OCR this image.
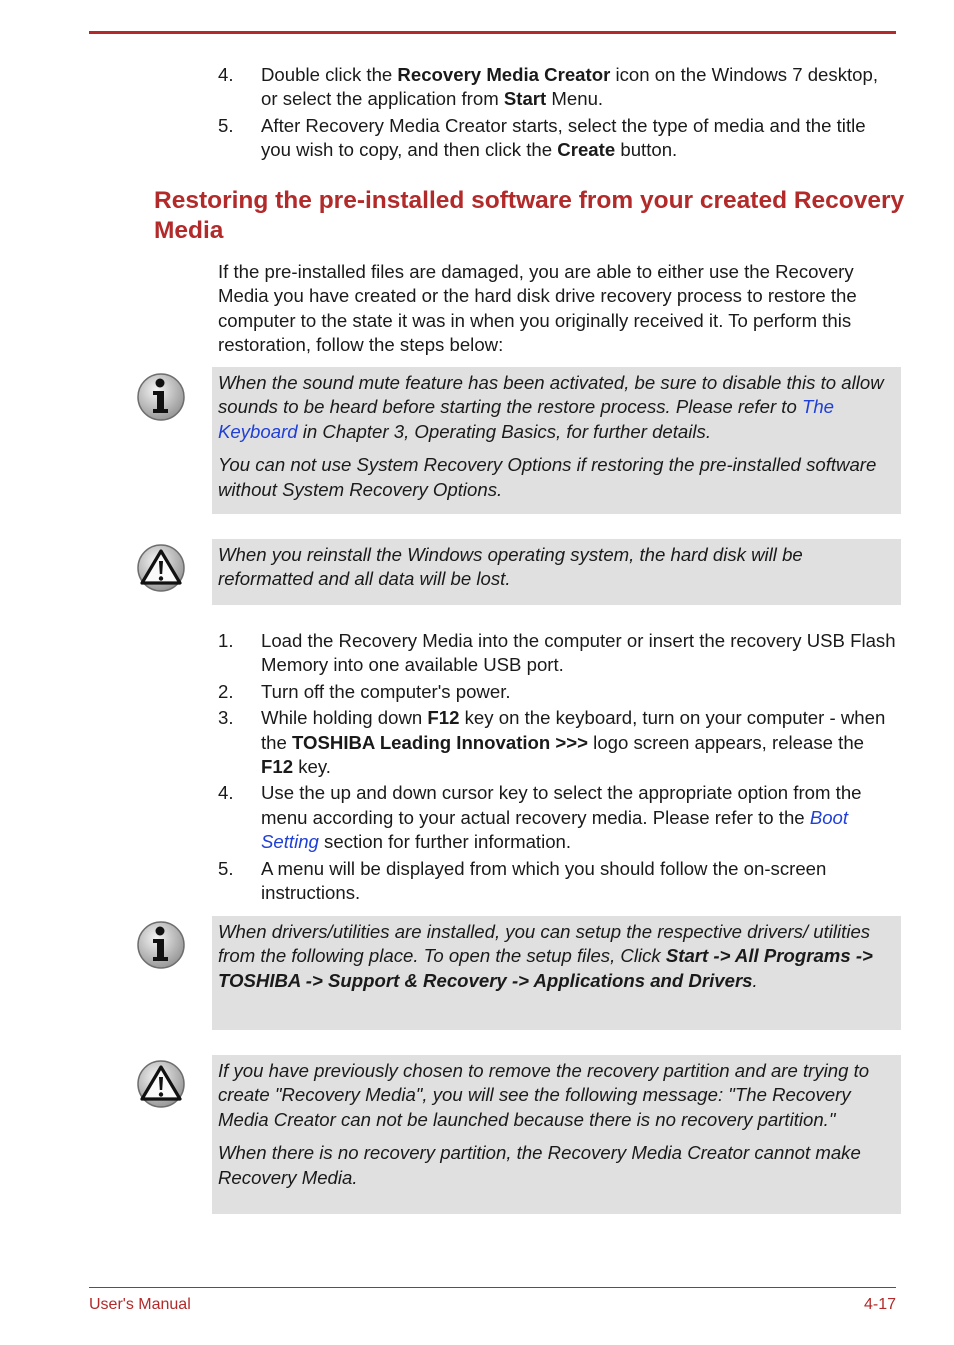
4. Double click the Recovery Media Creator icon on the Windows 7 desktop, or select the application from Start Menu.
5. After Recovery Media Creator starts, select the type of media and the title you wish to copy, and then click the Create button.
Restoring the pre-installed software from your created Recovery Media
If the pre-installed files are damaged, you are able to either use the Recovery Media you have created or the hard disk drive recovery process to restore the computer to the state it was in when you originally received it. To perform this restoration, follow the steps below:

When the sound mute feature has been activated, be sure to disable this to allow sounds to be heard before starting the restore process. Please refer to The Keyboard in Chapter 3, Operating Basics, for further details.

You can not use System Recovery Options if restoring the pre-installed software without System Recovery Options.

When you reinstall the Windows operating system, the hard disk will be reformatted and all data will be lost.

1. Load the Recovery Media into the computer or insert the recovery USB Flash Memory into one available USB port.
2. Turn off the computer's power.
3. While holding down F12 key on the keyboard, turn on your computer - when the TOSHIBA Leading Innovation >>> logo screen appears, release the F12 key.
4. Use the up and down cursor key to select the appropriate option from the menu according to your actual recovery media. Please refer to the Boot Setting section for further information.
5. A menu will be displayed from which you should follow the on-screen instructions.

When drivers/utilities are installed, you can setup the respective drivers/ utilities from the following place. To open the setup files, Click Start -> All Programs -> TOSHIBA -> Support & Recovery -> Applications and Drivers.

If you have previously chosen to remove the recovery partition and are trying to create "Recovery Media", you will see the following message: "The Recovery Media Creator can not be launched because there is no recovery partition."

When there is no recovery partition, the Recovery Media Creator cannot make Recovery Media.

User's Manual	4-17
